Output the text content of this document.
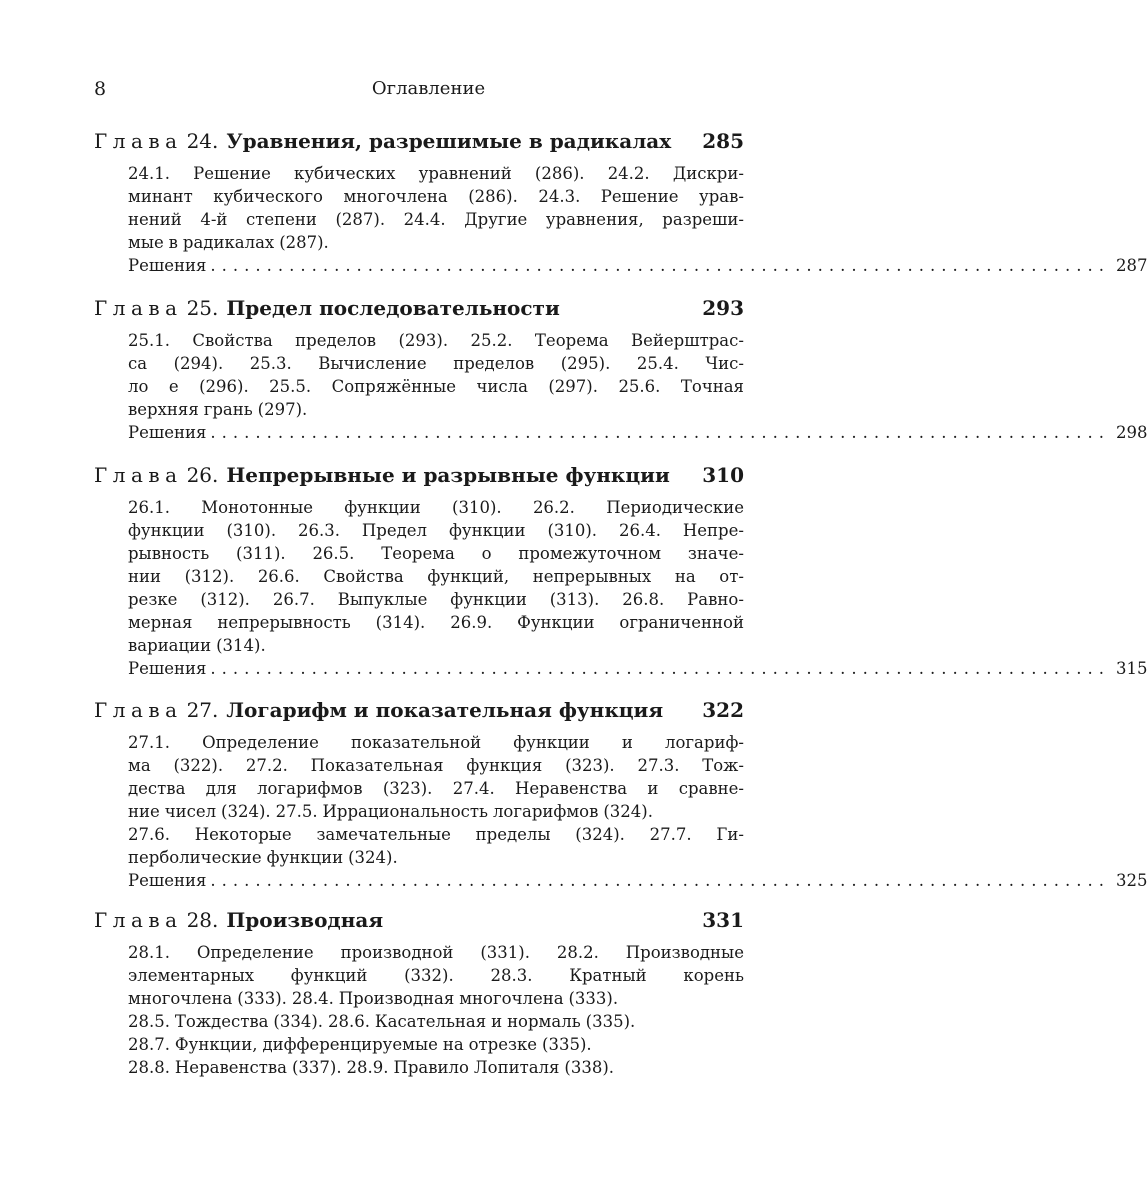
8	Оглавление
Глава 24. Уравнения, разрешимые в радикалах	285
24.1. Решение кубических уравнений (286). 24.2. Дискри-
минант кубического многочлена (286). 24.3. Решение урав-
нений 4-й степени (287). 24.4. Другие уравнения, разреши-
мые в радикалах (287).
Решения ................................................................................ 287
Глава 25. Предел последовательности	293
25.1. Свойства пределов (293). 25.2. Теорема Вейерштрас-
са (294). 25.3. Вычисление пределов (295). 25.4. Чис-
ло e (296). 25.5. Сопряжённые числа (297). 25.6. Точная
верхняя грань (297).
Решения ................................................................................ 298
Глава 26. Непрерывные и разрывные функции	310
26.1. Монотонные функции (310). 26.2. Периодические
функции (310). 26.3. Предел функции (310). 26.4. Непре-
рывность (311). 26.5. Теорема о промежуточном значе-
нии (312). 26.6. Свойства функций, непрерывных на от-
резке (312). 26.7. Выпуклые функции (313). 26.8. Равно-
мерная непрерывность (314). 26.9. Функции ограниченной
вариации (314).
Решения ................................................................................ 315
Глава 27. Логарифм и показательная функция	322
27.1. Определение показательной функции и логариф-
ма (322). 27.2. Показательная функция (323). 27.3. Тож-
дества для логарифмов (323). 27.4. Неравенства и сравне-
ние чисел (324). 27.5. Иррациональность логарифмов (324).
27.6. Некоторые замечательные пределы (324). 27.7. Ги-
перболические функции (324).
Решения ................................................................................ 325
Глава 28. Производная	331
28.1. Определение производной (331). 28.2. Производные
элементарных функций (332). 28.3. Кратный корень
многочлена (333). 28.4. Производная многочлена (333).
28.5. Тождества (334). 28.6. Касательная и нормаль (335).
28.7. Функции, дифференцируемые на отрезке (335).
28.8. Неравенства (337). 28.9. Правило Лопиталя (338).
